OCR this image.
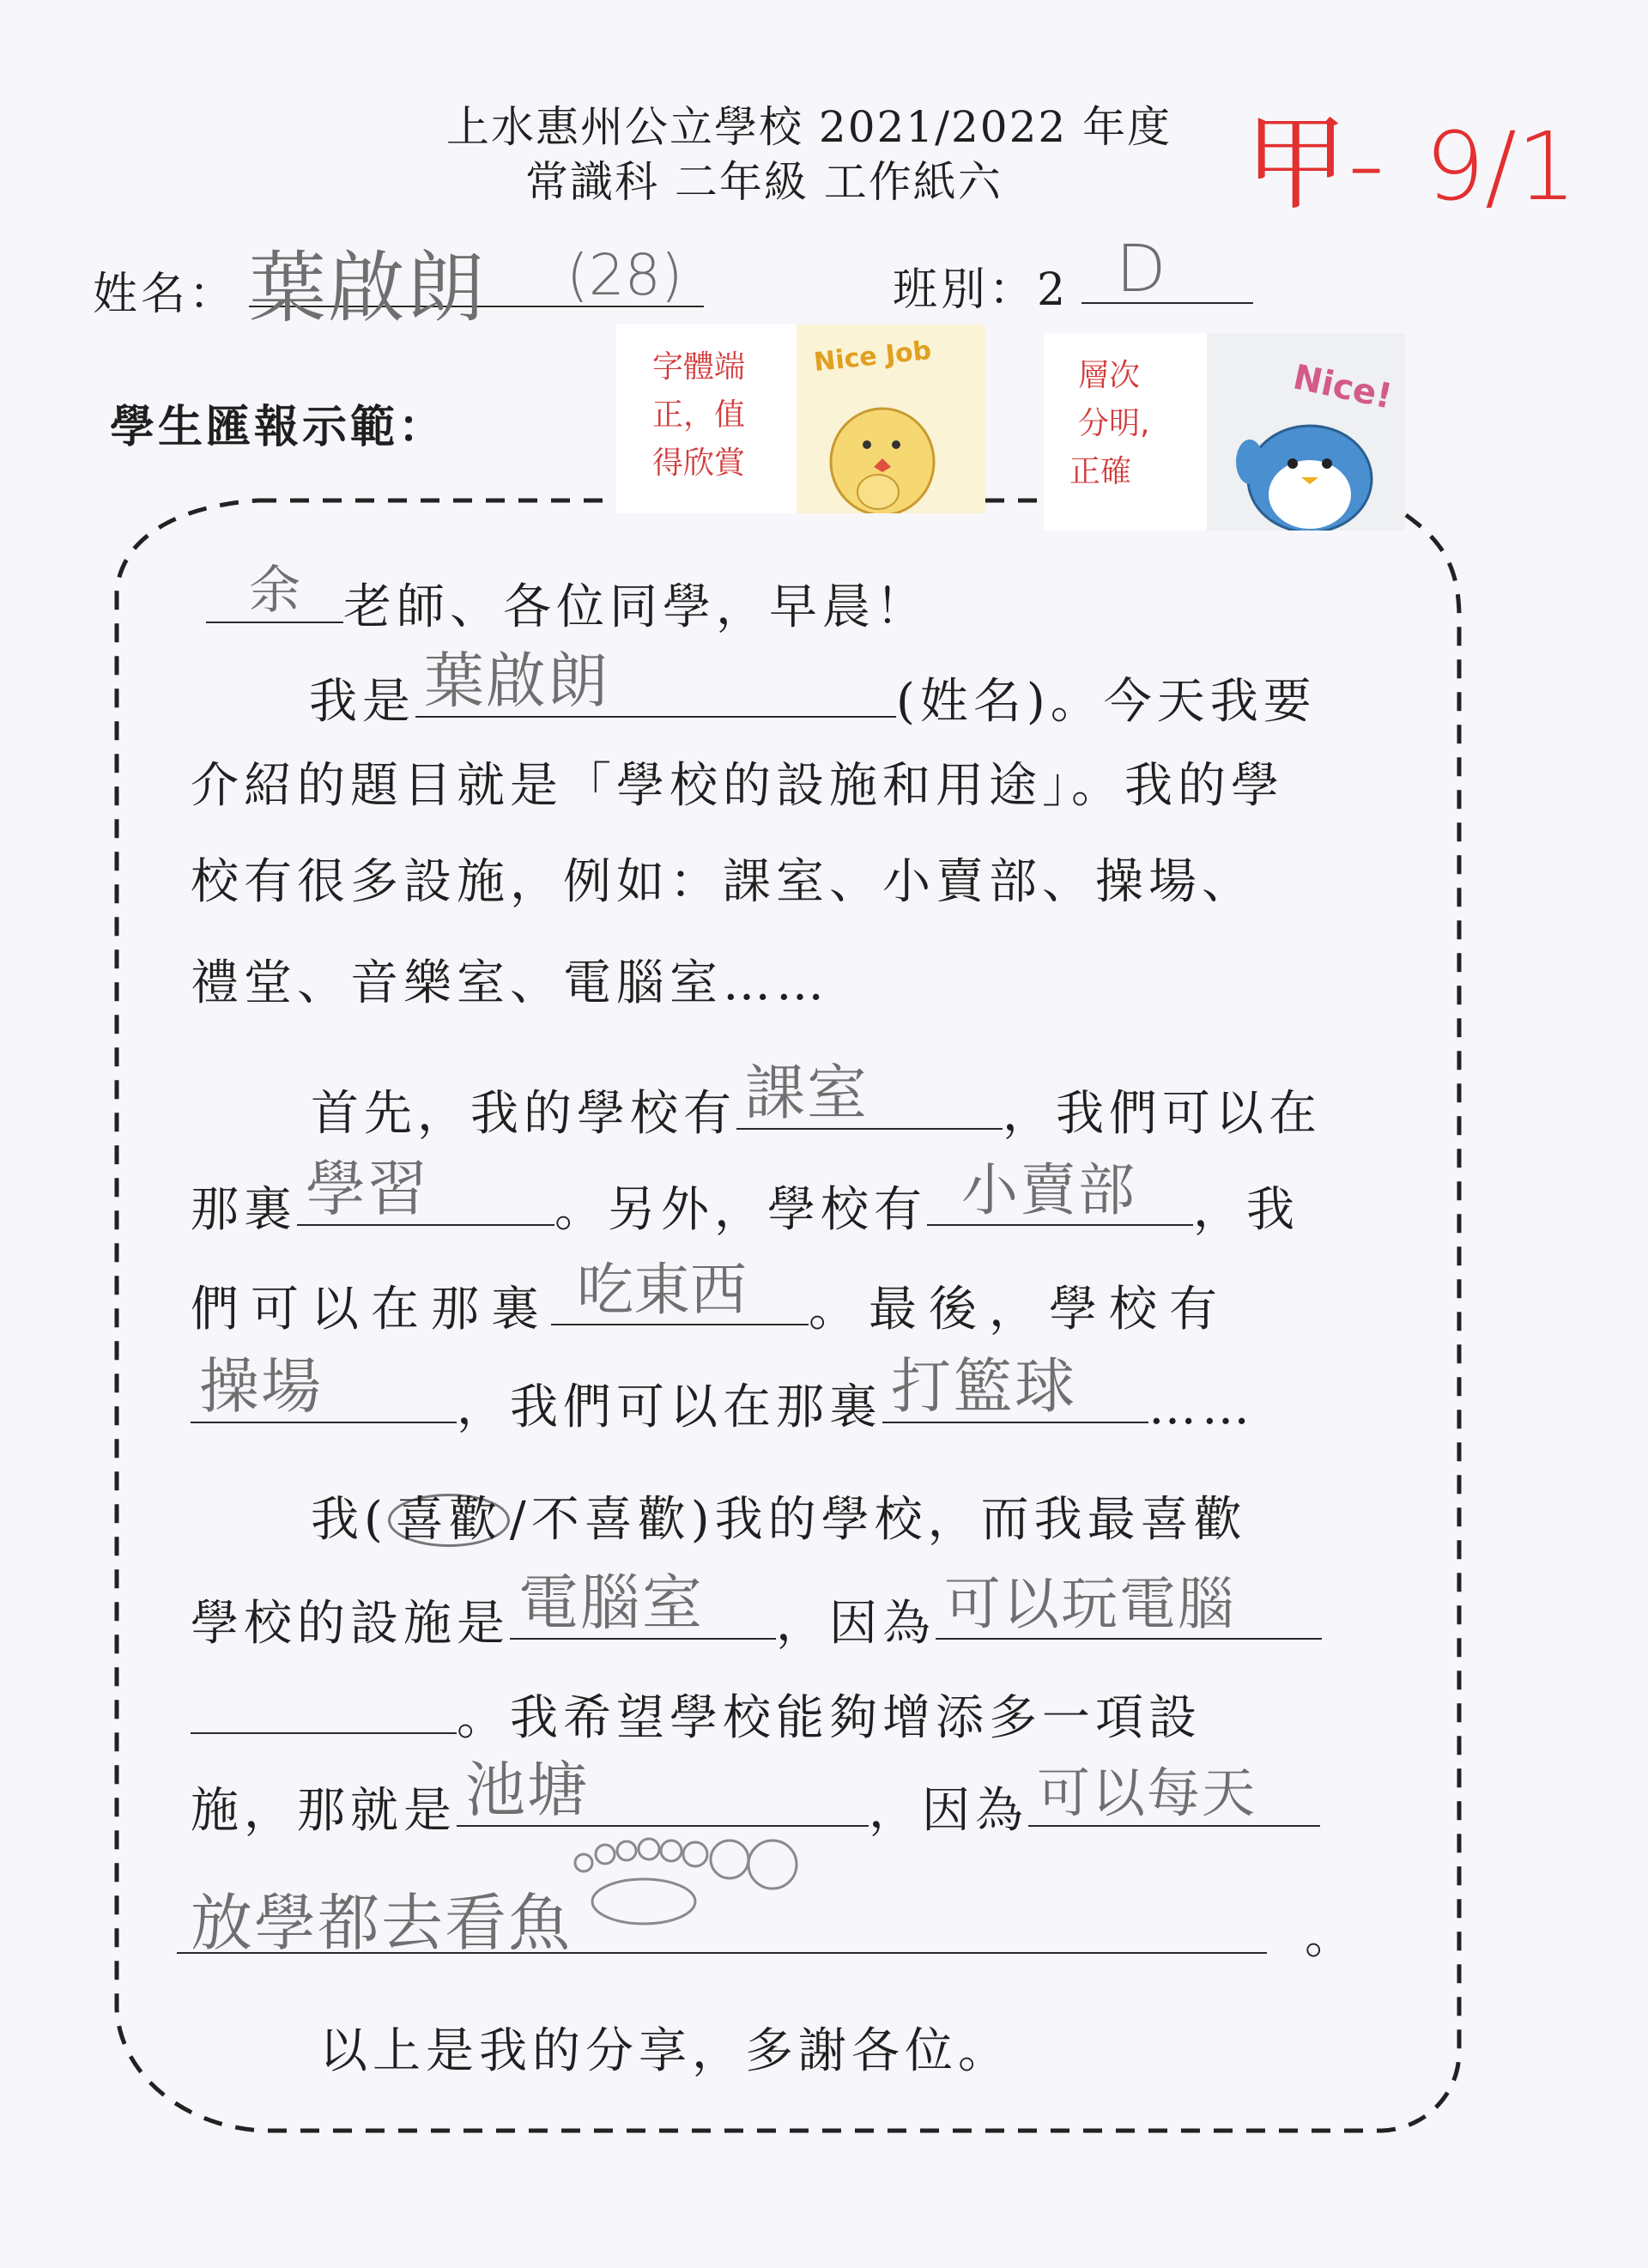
上水惠州公立學校 2021/2022 年度
常識科 二年級 工作紙六 甲- 9/1
姓名： 葉啟朗 (28)	班別：2 D
學生匯報示範：
字體端
正，值
得欣賞
Nice Job	層次
分明,
正確
Nice!
余 老師、各位同學，早晨！
我是 葉啟朗	(姓名)。今天我要
介紹的題目就是「學校的設施和用途」。我的學
校有很多設施，例如：課室、小賣部、操場、
禮堂、音樂室、電腦室……
首先，我的學校有 課室	，我們可以在
那裏 學習	。另外，學校有 小賣部 ，我
們可以在那裏 吃東西 。最後，學校有
操場	，我們可以在那裏 打籃球 ……
我( 喜歡 /不喜歡)我的學校，而我最喜歡
學校的設施是 電腦室 ，因為 可以玩電腦
。我希望學校能夠增添多一項設
施，那就是 池塘	，因為 可以每天
放學都去看魚	。
以上是我的分享，多謝各位。
